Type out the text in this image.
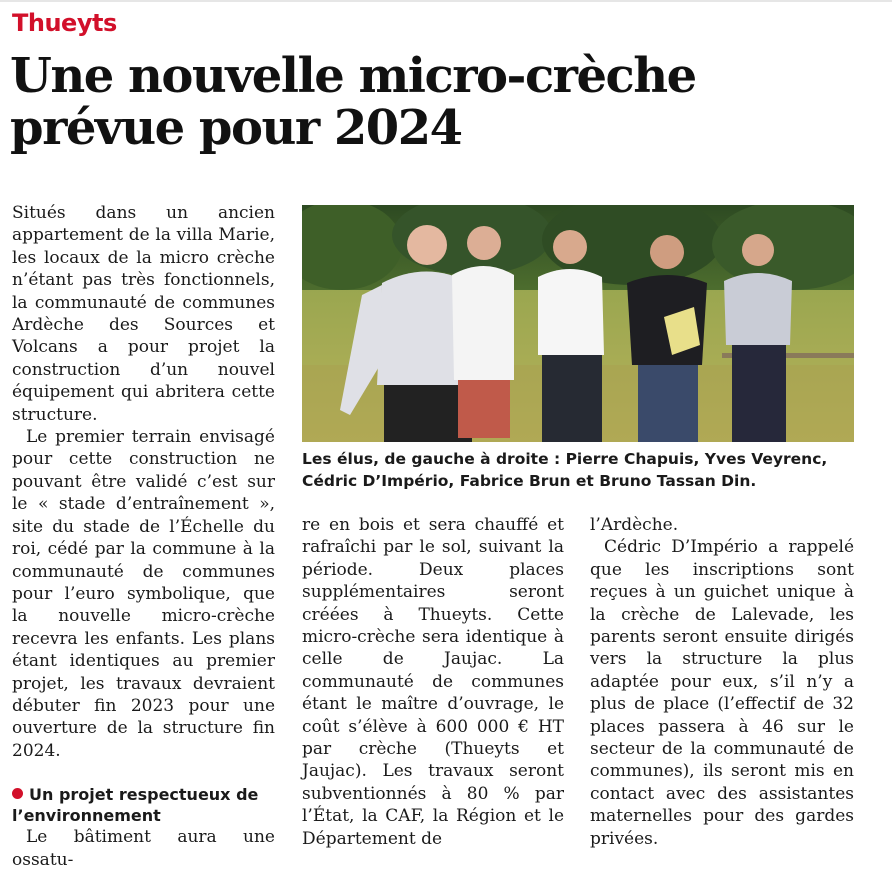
Thueyts
Une nouvelle micro-crèche prévue pour 2024

Situés dans un ancien appartement de la villa Marie, les locaux de la micro crèche n’étant pas très fonctionnels, la communauté de communes Ardèche des Sources et Volcans a pour projet la construction d’un nouvel équipement qui abritera cette structure.

Le premier terrain envisagé pour cette construction ne pouvant être validé c’est sur le « stade d’entraînement », site du stade de l’Échelle du roi, cédé par la commune à la communauté de communes pour l’euro symbolique, que la nouvelle micro-crèche recevra les enfants. Les plans étant identiques au premier projet, les travaux devraient débuter fin 2023 pour une ouverture de la structure fin 2024.

Un projet respectueux de l’environnement

Le bâtiment aura une ossatu-

Les élus, de gauche à droite : Pierre Chapuis, Yves Veyrenc, Cédric D’Império, Fabrice Brun et Bruno Tassan Din.

re en bois et sera chauffé et rafraîchi par le sol, suivant la période. Deux places supplémentaires seront créées à Thueyts. Cette micro-crèche sera identique à celle de Jaujac. La communauté de communes étant le maître d’ouvrage, le coût s’élève à 600 000 € HT par crèche (Thueyts et Jaujac). Les travaux seront subventionnés à 80 % par l’État, la CAF, la Région et le Département de

l’Ardèche.

Cédric D’Império a rappelé que les inscriptions sont reçues à un guichet unique à la crèche de Lalevade, les parents seront ensuite dirigés vers la structure la plus adaptée pour eux, s’il n’y a plus de place (l’effectif de 32 places passera à 46 sur le secteur de la communauté de communes), ils seront mis en contact avec des assistantes maternelles pour des gardes privées.
